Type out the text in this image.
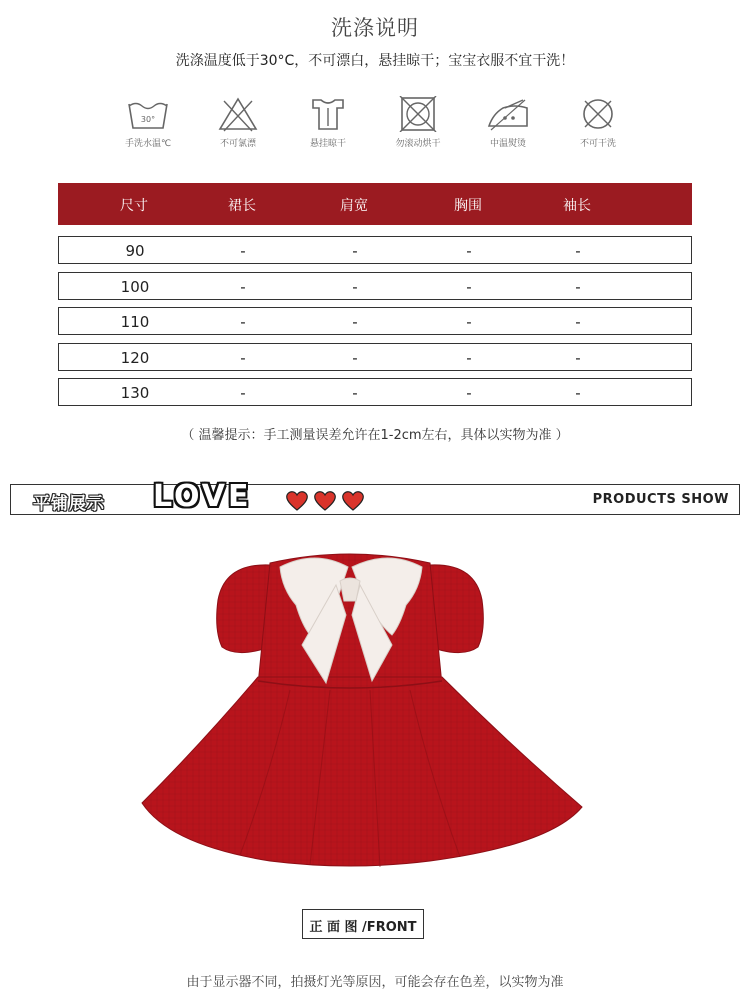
洗涤说明
洗涤温度低于30°C，不可漂白，悬挂晾干；宝宝衣服不宜干洗！
30°
手洗水温℃	不可氯漂	悬挂晾干	勿滚动烘干	中温熨烫	不可干洗
尺寸	裙长	肩宽	胸围	袖长
90	-	-	-	-
100	-	-	-	-
110	-	-	-	-
120	-	-	-	-
130	-	-	-	-
（ 温馨提示：手工测量误差允许在1-2cm左右，具体以实物为准 ）
平铺展示 LOVE	PRODUCTS SHOW
正 面 图 /FRONT
由于显示器不同，拍摄灯光等原因，可能会存在色差，以实物为准
